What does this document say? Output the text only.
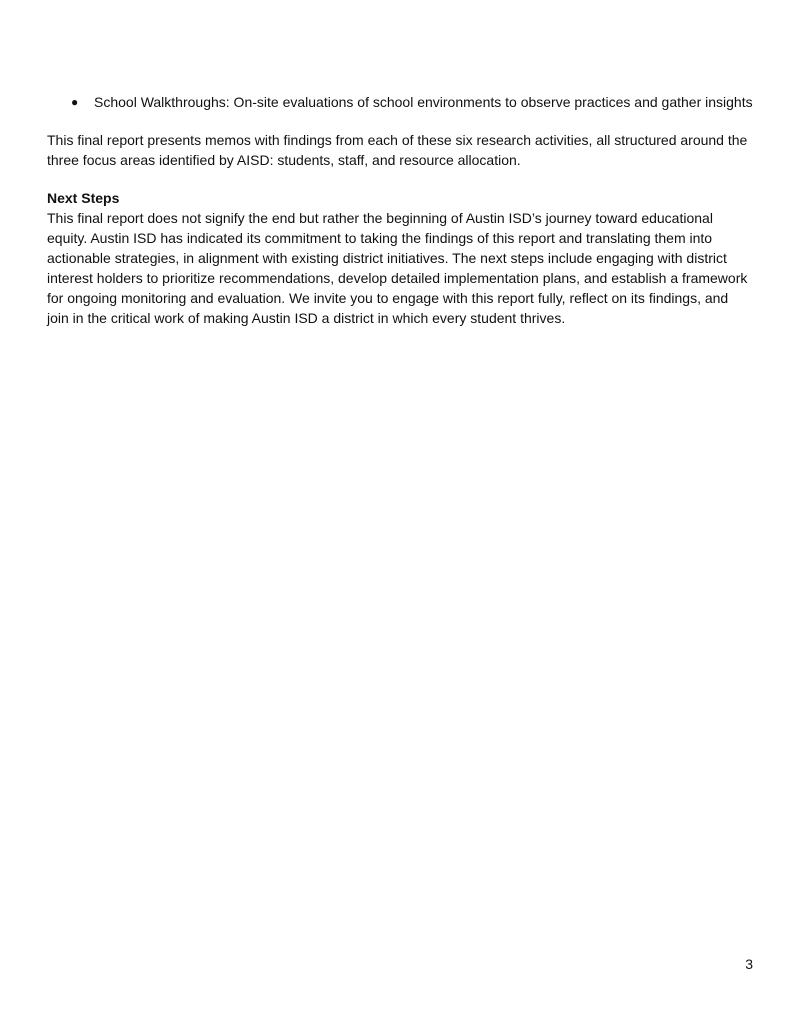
● School Walkthroughs: On-site evaluations of school environments to observe practices and gather insights

This final report presents memos with findings from each of these six research activities, all structured around the three focus areas identified by AISD: students, staff, and resource allocation.

Next Steps

This final report does not signify the end but rather the beginning of Austin ISD’s journey toward educational equity. Austin ISD has indicated its commitment to taking the findings of this report and translating them into actionable strategies, in alignment with existing district initiatives. The next steps include engaging with district interest holders to prioritize recommendations, develop detailed implementation plans, and establish a framework for ongoing monitoring and evaluation. We invite you to engage with this report fully, reflect on its findings, and join in the critical work of making Austin ISD a district in which every student thrives.

3
